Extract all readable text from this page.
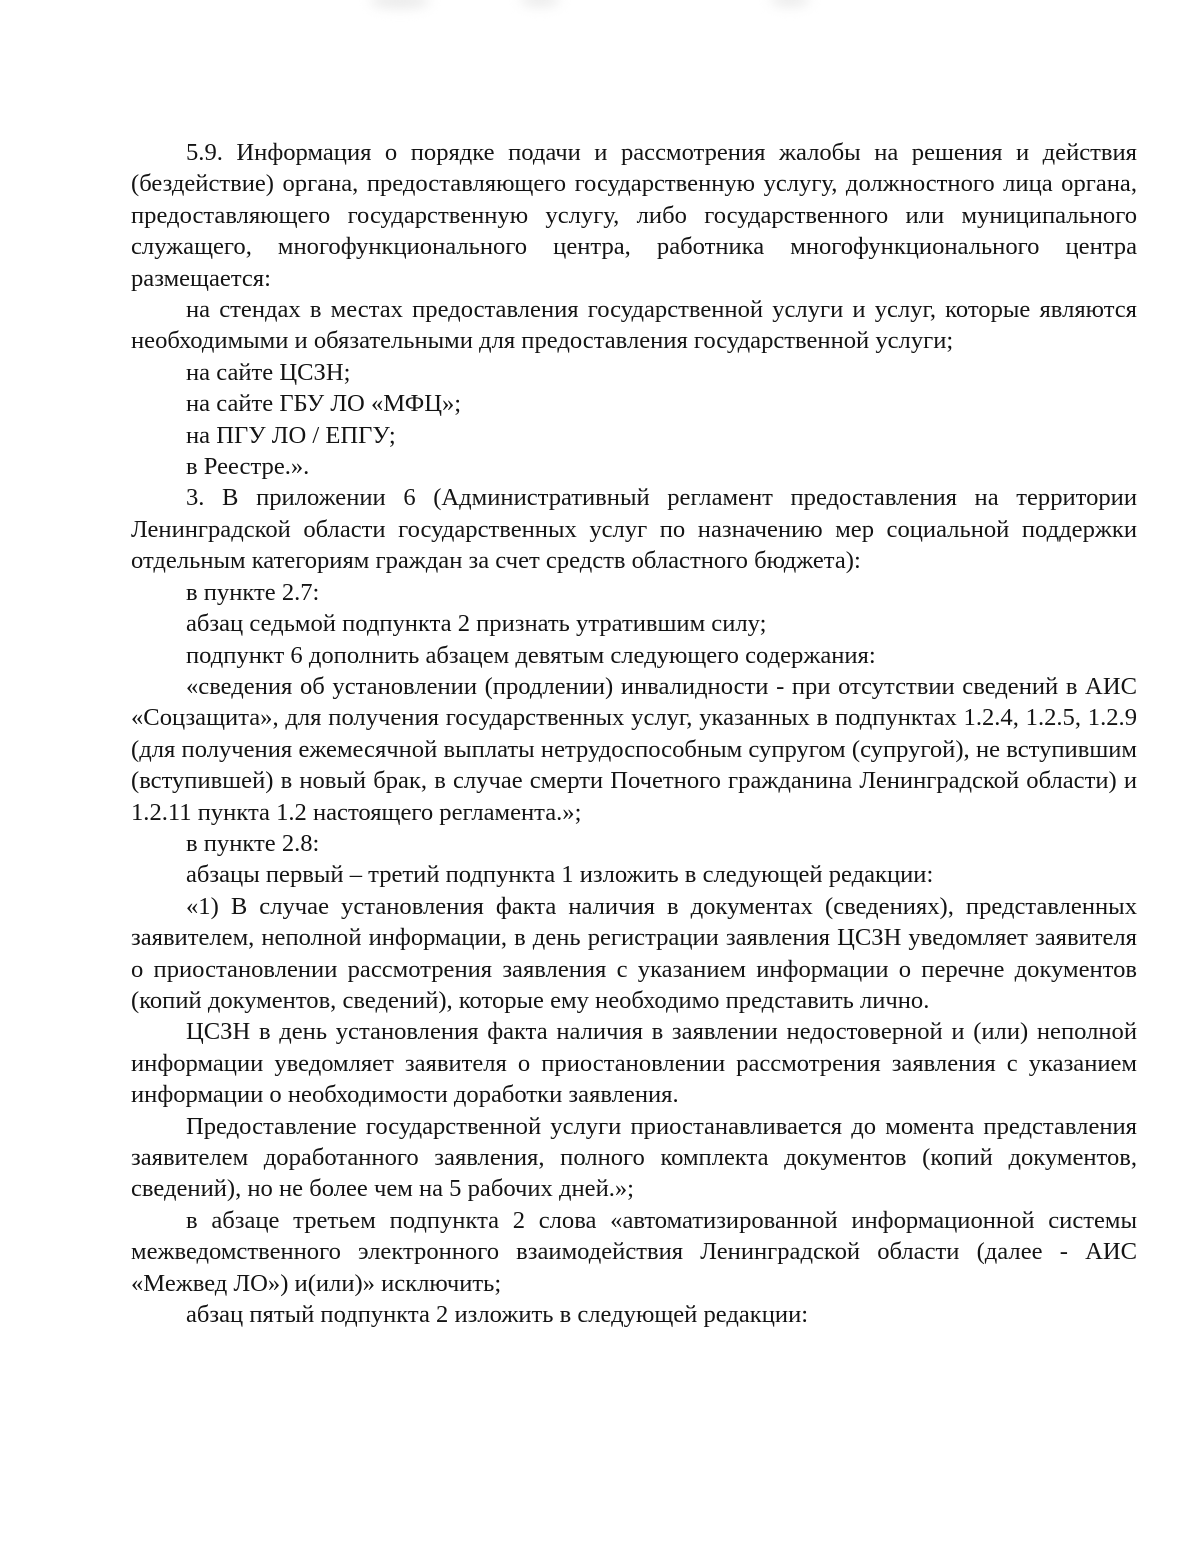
5.9. Информация о порядке подачи и рассмотрения жалобы на решения и действия (бездействие) органа, предоставляющего государственную услугу, должностного лица органа, предоставляющего государственную услугу, либо государственного или муниципального служащего, многофункционального центра, работника многофункционального центра размещается:

на стендах в местах предоставления государственной услуги и услуг, которые являются необходимыми и обязательными для предоставления государственной услуги;

на сайте ЦСЗН;

на сайте ГБУ ЛО «МФЦ»;

на ПГУ ЛО / ЕПГУ;

в Реестре.».

3. В приложении 6 (Административный регламент предоставления на территории Ленинградской области государственных услуг по назначению мер социальной поддержки отдельным категориям граждан за счет средств областного бюджета):

в пункте 2.7:

абзац седьмой подпункта 2 признать утратившим силу;

подпункт 6 дополнить абзацем девятым следующего содержания:

«сведения об установлении (продлении) инвалидности - при отсутствии сведений в АИС «Соцзащита», для получения государственных услуг, указанных в подпунктах 1.2.4, 1.2.5, 1.2.9 (для получения ежемесячной выплаты нетрудоспособным супругом (супругой), не вступившим (вступившей) в новый брак, в случае смерти Почетного гражданина Ленинградской области) и 1.2.11 пункта 1.2 настоящего регламента.»;

в пункте 2.8:

абзацы первый – третий подпункта 1 изложить в следующей редакции:

«1) В случае установления факта наличия в документах (сведениях), представленных заявителем, неполной информации, в день регистрации заявления ЦСЗН уведомляет заявителя о приостановлении рассмотрения заявления с указанием информации о перечне документов (копий документов, сведений), которые ему необходимо представить лично.

ЦСЗН в день установления факта наличия в заявлении недостоверной и (или) неполной информации уведомляет заявителя о приостановлении рассмотрения заявления с указанием информации о необходимости доработки заявления.

Предоставление государственной услуги приостанавливается до момента представления заявителем доработанного заявления, полного комплекта документов (копий документов, сведений), но не более чем на 5 рабочих дней.»;

в абзаце третьем подпункта 2 слова «автоматизированной информационной системы межведомственного электронного взаимодействия Ленинградской области (далее - АИС «Межвед ЛО») и(или)» исключить;

абзац пятый подпункта 2 изложить в следующей редакции:
